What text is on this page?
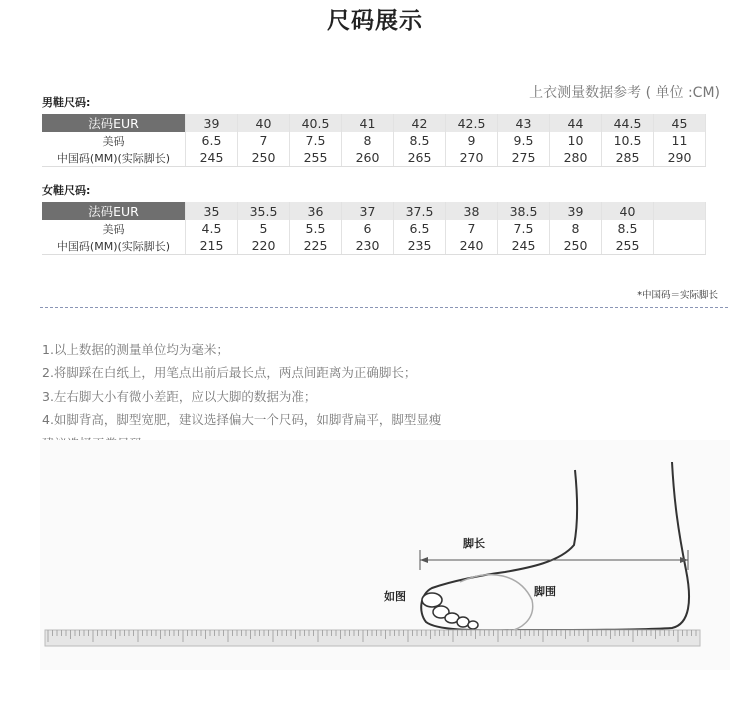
尺码展示
上衣测量数据参考 ( 单位 :CM)
男鞋尺码:
法码EUR	39	40	40.5	41	42	42.5	43	44	44.5	45
美码	6.5	7	7.5	8	8.5	9	9.5	10	10.5	11
中国码(MM)(实际脚长)	245	250	255	260	265	270	275	280	285	290
女鞋尺码:
法码EUR	35	35.5	36	37	37.5	38	38.5	39	40	
美码	4.5	5	5.5	6	6.5	7	7.5	8	8.5	
中国码(MM)(实际脚长)	215	220	225	230	235	240	245	250	255	
*中国码＝实际脚长
1.以上数据的测量单位均为毫米；
2.将脚踩在白纸上，用笔点出前后最长点，两点间距离为正确脚长；
3.左右脚大小有微小差距，应以大脚的数据为准；
4.如脚背高，脚型宽肥，建议选择偏大一个尺码，如脚背扁平，脚型显瘦
脚长
脚围
如图
